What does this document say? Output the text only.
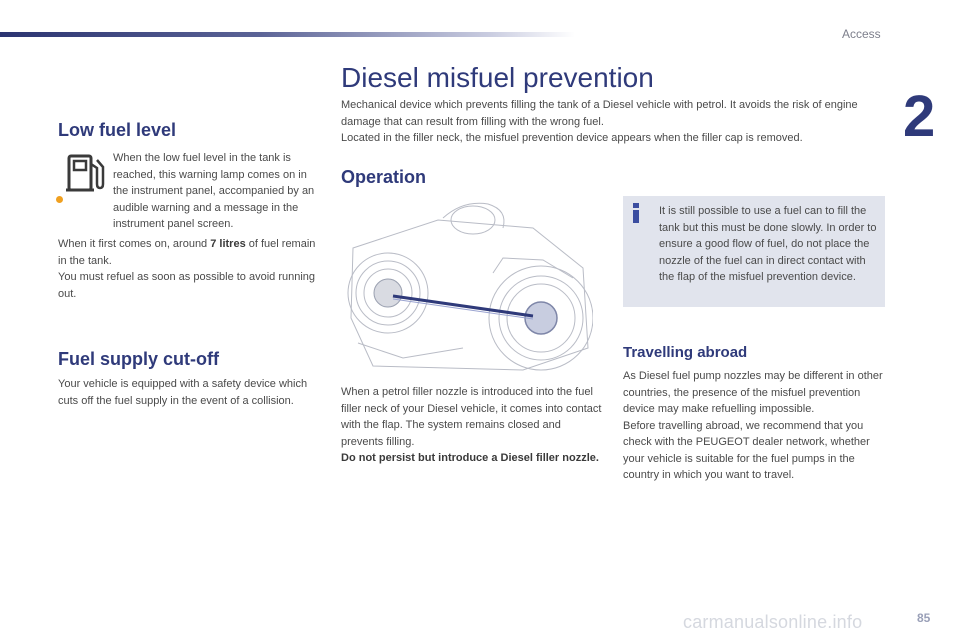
Access
2
85
carmanualsonline.info
Low fuel level

When the low fuel level in the tank is reached, this warning lamp comes on in the instrument panel, accompanied by an audible warning and a message in the instrument panel screen.

When it first comes on, around 7 litres of fuel remain in the tank.
You must refuel as soon as possible to avoid running out.

Fuel supply cut-off

Your vehicle is equipped with a safety device which cuts off the fuel supply in the event of a collision.

Diesel misfuel prevention

Mechanical device which prevents filling the tank of a Diesel vehicle with petrol. It avoids the risk of engine damage that can result from filling with the wrong fuel.
Located in the filler neck, the misfuel prevention device appears when the filler cap is removed.

Operation

When a petrol filler nozzle is introduced into the fuel filler neck of your Diesel vehicle, it comes into contact with the flap. The system remains closed and prevents filling.
Do not persist but introduce a Diesel filler nozzle.

It is still possible to use a fuel can to fill the tank but this must be done slowly. In order to ensure a good flow of fuel, do not place the nozzle of the fuel can in direct contact with the flap of the misfuel prevention device.

Travelling abroad

As Diesel fuel pump nozzles may be different in other countries, the presence of the misfuel prevention device may make refuelling impossible.
Before travelling abroad, we recommend that you check with the PEUGEOT dealer network, whether your vehicle is suitable for the fuel pumps in the country in which you want to travel.
